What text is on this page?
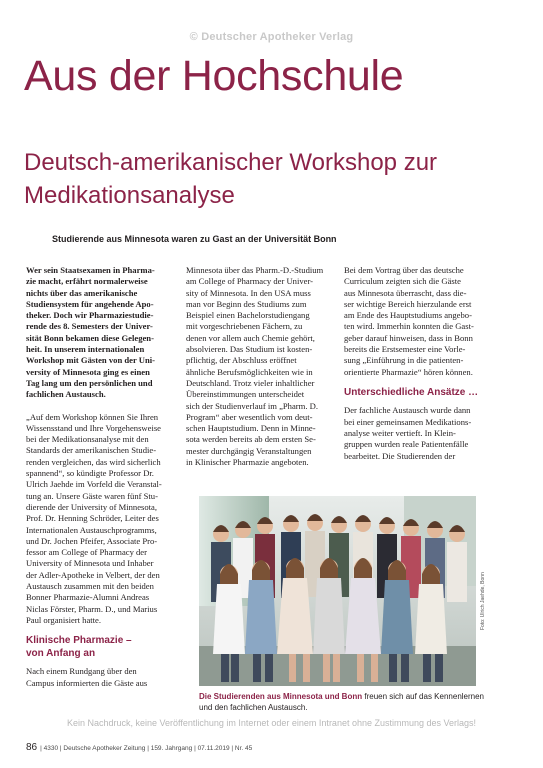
© Deutscher Apotheker Verlag
Aus der Hochschule
Deutsch-amerikanischer Workshop zur
Medikationsanalyse
Studierende aus Minnesota waren zu Gast an der Universität Bonn

Wer sein Staatsexamen in Pharma-
zie macht, erfährt normalerweise
nichts über das amerikanische
Studiensystem für angehende Apo-
theker. Doch wir Pharmaziestudie-
rende des 8. Semesters der Univer-
sität Bonn bekamen diese Gelegen-
heit. In unserem internationalen
Workshop mit Gästen von der Uni-
versity of Minnesota ging es einen
Tag lang um den persönlichen und
fachlichen Austausch.

„Auf dem Workshop können Sie Ihren
Wissensstand und Ihre Vorgehensweise
bei der Medikationsanalyse mit den
Standards der amerikanischen Studie-
renden vergleichen, das wird sicherlich
spannend“, so kündigte Professor Dr.
Ulrich Jaehde im Vorfeld die Veranstal-
tung an. Unsere Gäste waren fünf Stu-
dierende der University of Minnesota,
Prof. Dr. Henning Schröder, Leiter des
Internationalen Austauschprogramms,
und Dr. Jochen Pfeifer, Associate Pro-
fessor am College of Pharmacy der
University of Minnesota und Inhaber
der Adler-Apotheke in Velbert, der den
Austausch zusammen mit den beiden
Bonner Pharmazie-Alumni Andreas
Niclas Förster, Pharm. D., und Marius
Paul organisiert hatte.

Klinische Pharmazie –
von Anfang an

Nach einem Rundgang über den
Campus informierten die Gäste aus

Minnesota über das Pharm.-D.-Studium
am College of Pharmacy der Univer-
sity of Minnesota. In den USA muss
man vor Beginn des Studiums zum
Beispiel einen Bachelorstudiengang
mit vorgeschriebenen Fächern, zu
denen vor allem auch Chemie gehört,
absolvieren. Das Studium ist kosten-
pflichtig, der Abschluss eröffnet
ähnliche Berufsmöglichkeiten wie in
Deutschland. Trotz vieler inhaltlicher
Übereinstimmungen unterscheidet
sich der Studienverlauf im „Pharm. D.
Program“ aber wesentlich vom deut-
schen Hauptstudium. Denn in Minne-
sota werden bereits ab dem ersten Se-
mester durchgängig Veranstaltungen
in Klinischer Pharmazie angeboten.

Bei dem Vortrag über das deutsche
Curriculum zeigten sich die Gäste
aus Minnesota überrascht, dass die-
ser wichtige Bereich hierzulande erst
am Ende des Hauptstudiums angebo-
ten wird. Immerhin konnten die Gast-
geber darauf hinweisen, dass in Bonn
bereits die Erstsemester eine Vorle-
sung „Einführung in die patienten-
orientierte Pharmazie“ hören können.

Unterschiedliche Ansätze …

Der fachliche Austausch wurde dann
bei einer gemeinsamen Medikations-
analyse weiter vertieft. In Klein-
gruppen wurden reale Patientenfälle
bearbeitet. Die Studierenden der

Foto: Ulrich Jaehde, Bonn
Die Studierenden aus Minnesota und Bonn freuen sich auf das Kennenlernen
und den fachlichen Austausch.
Kein Nachdruck, keine Veröffentlichung im Internet oder einem Intranet ohne Zustimmung des Verlags!
86 | 4330 | Deutsche Apotheker Zeitung | 159. Jahrgang | 07.11.2019 | Nr. 45
